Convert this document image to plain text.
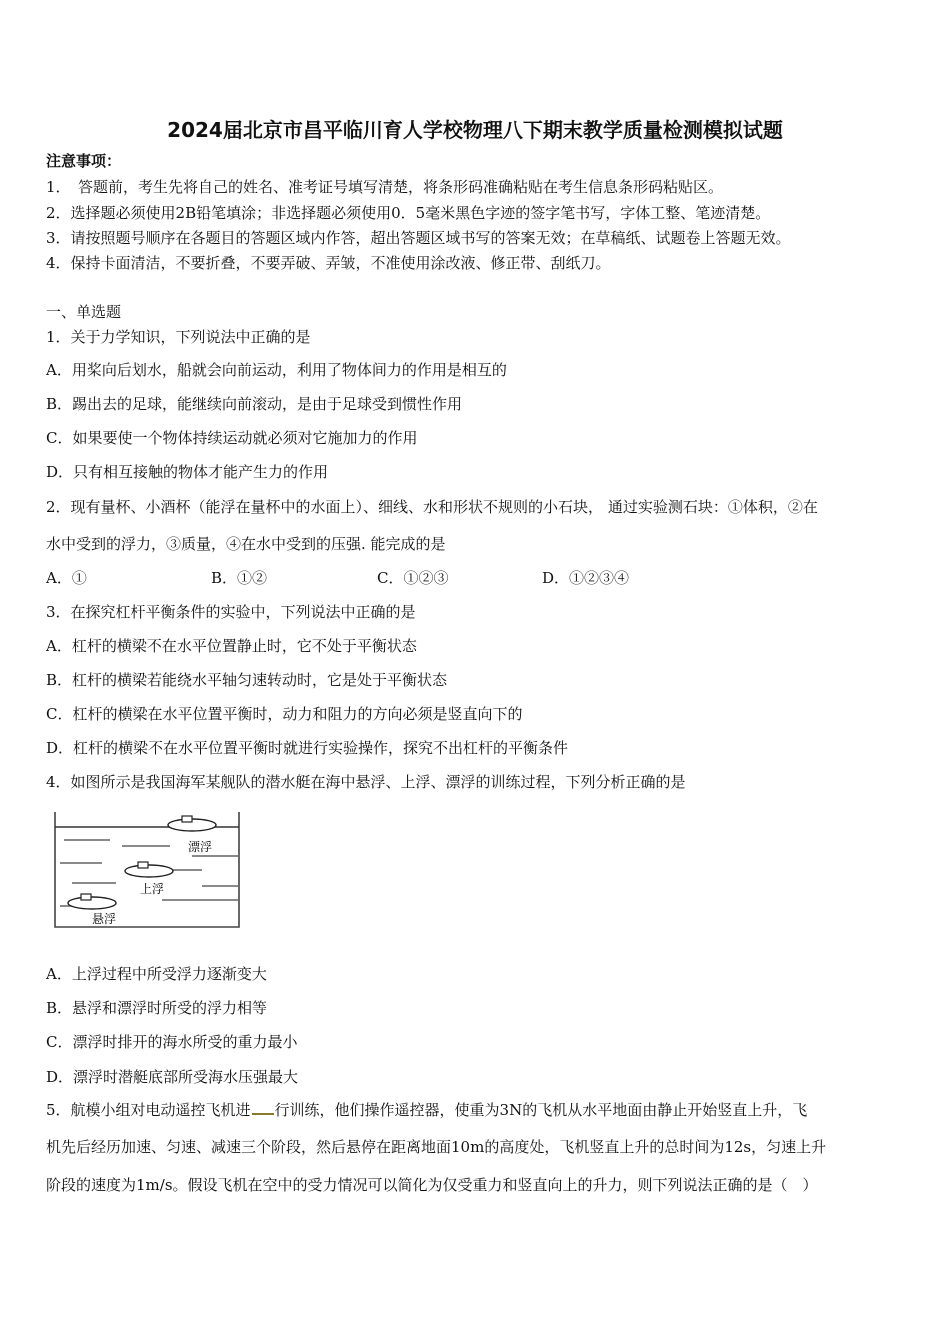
2024届北京市昌平临川育人学校物理八下期末教学质量检测模拟试题
注意事项：
1．　答题前，考生先将自己的姓名、准考证号填写清楚，将条形码准确粘贴在考生信息条形码粘贴区。
2．选择题必须使用2B铅笔填涂；非选择题必须使用0．5毫米黑色字迹的签字笔书写，字体工整、笔迹清楚。
3．请按照题号顺序在各题目的答题区域内作答，超出答题区域书写的答案无效；在草稿纸、试题卷上答题无效。
4．保持卡面清洁，不要折叠，不要弄破、弄皱，不准使用涂改液、修正带、刮纸刀。
一、单选题
1．关于力学知识，下列说法中正确的是
A．用桨向后划水，船就会向前运动，利用了物体间力的作用是相互的
B．踢出去的足球，能继续向前滚动，是由于足球受到惯性作用
C．如果要使一个物体持续运动就必须对它施加力的作用
D．只有相互接触的物体才能产生力的作用
2．现有量杯、小酒杯（能浮在量杯中的水面上）、细线、水和形状不规则的小石块， 通过实验测石块：①体积，②在
水中受到的浮力，③质量，④在水中受到的压强. 能完成的是
A．①	B．①②	C．①②③	D．①②③④
3．在探究杠杆平衡条件的实验中，下列说法中正确的是
A．杠杆的横梁不在水平位置静止时，它不处于平衡状态
B．杠杆的横梁若能绕水平轴匀速转动时，它是处于平衡状态
C．杠杆的横梁在水平位置平衡时，动力和阻力的方向必须是竖直向下的
D．杠杆的横梁不在水平位置平衡时就进行实验操作，探究不出杠杆的平衡条件
4．如图所示是我国海军某舰队的潜水艇在海中悬浮、上浮、漂浮的训练过程，下列分析正确的是
漂浮
上浮
悬浮
A．上浮过程中所受浮力逐渐变大
B．悬浮和漂浮时所受的浮力相等
C．漂浮时排开的海水所受的重力最小
D．漂浮时潜艇底部所受海水压强最大
5．航模小组对电动遥控飞机进 行训练，他们操作遥控器，使重为3N的飞机从水平地面由静止开始竖直上升，飞
机先后经历加速、匀速、减速三个阶段，然后悬停在距离地面10m的高度处，飞机竖直上升的总时间为12s，匀速上升
阶段的速度为1m/s。假设飞机在空中的受力情况可以简化为仅受重力和竖直向上的升力，则下列说法正确的是（　）
